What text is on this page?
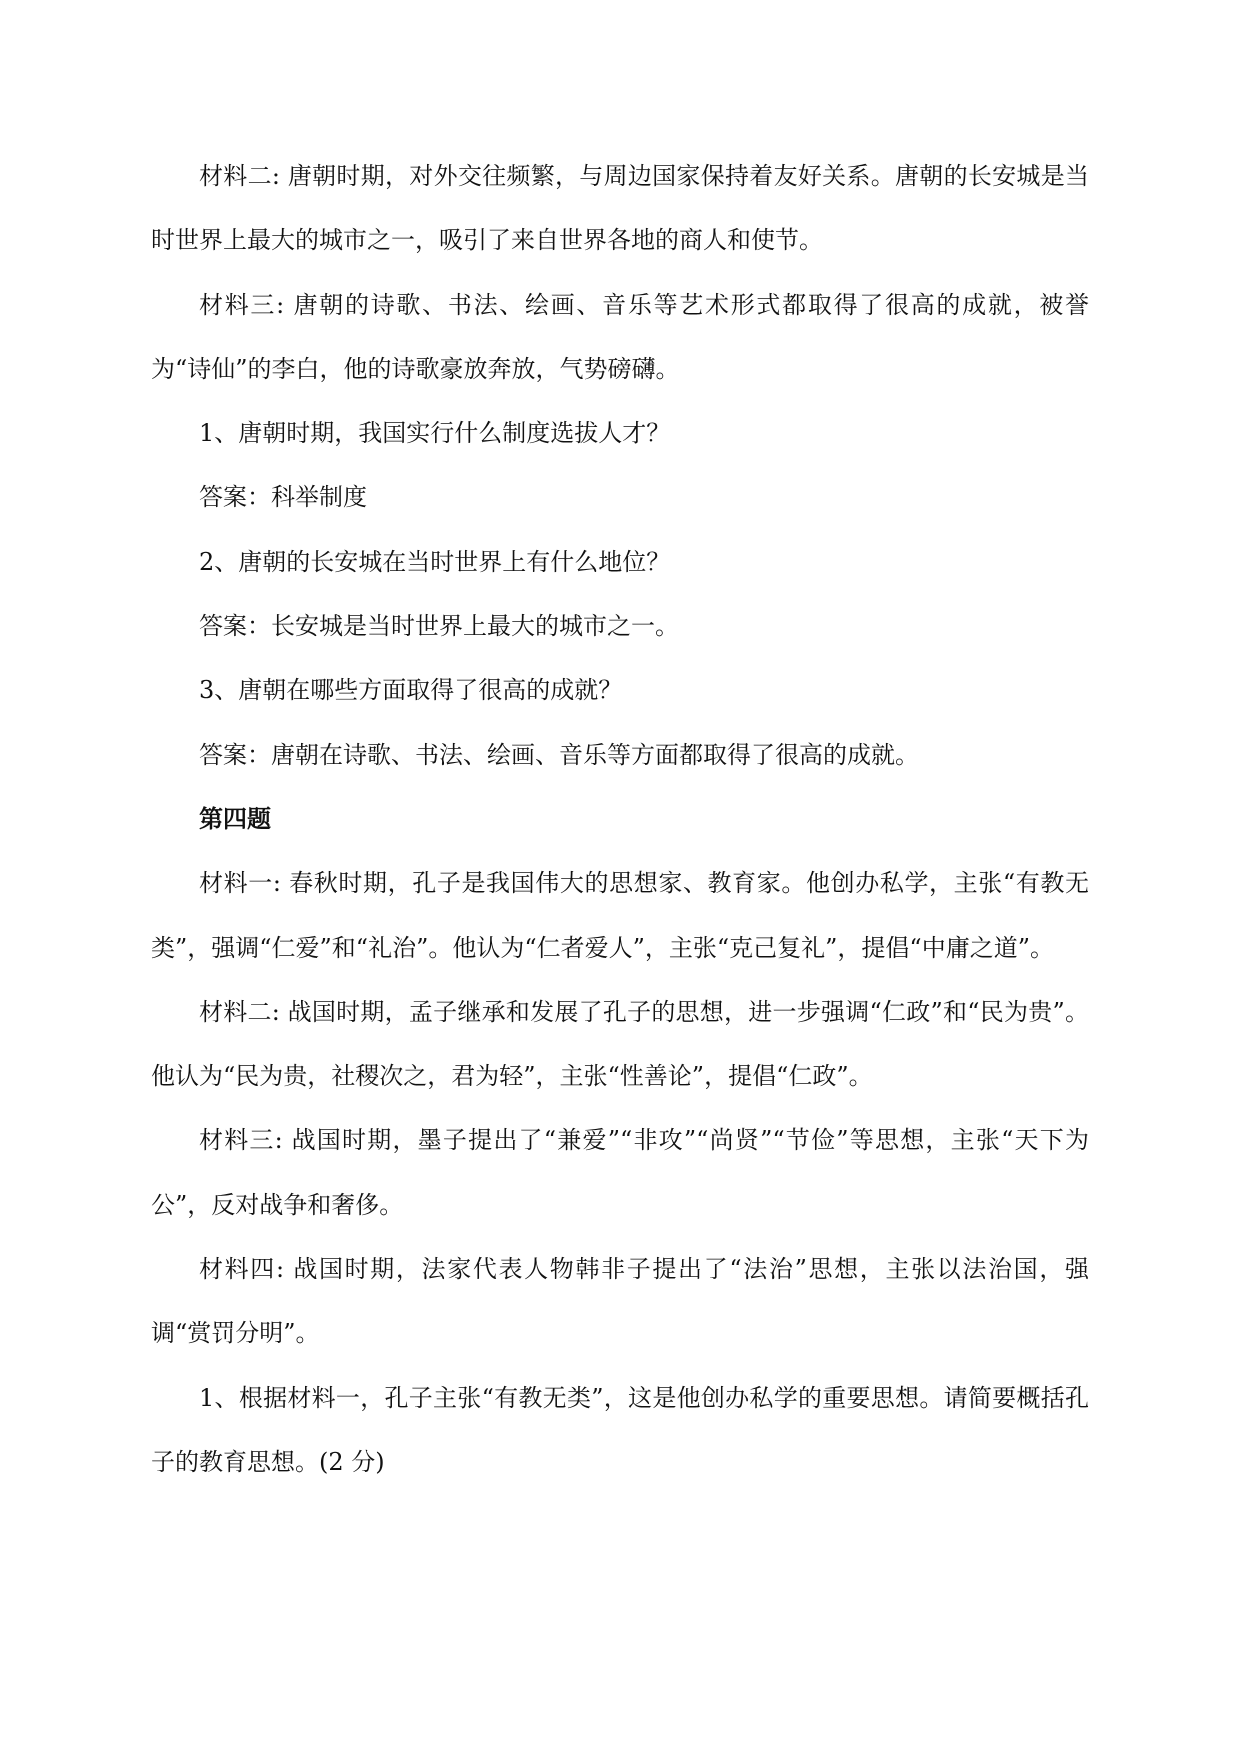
材料二: 唐朝时期，对外交往频繁，与周边国家保持着友好关系。唐朝的长安城是当时世界上最大的城市之一，吸引了来自世界各地的商人和使节。

材料三: 唐朝的诗歌、书法、绘画、音乐等艺术形式都取得了很高的成就，被誉为“诗仙”的李白，他的诗歌豪放奔放，气势磅礴。

1、唐朝时期，我国实行什么制度选拔人才？

答案：科举制度

2、唐朝的长安城在当时世界上有什么地位？

答案：长安城是当时世界上最大的城市之一。

3、唐朝在哪些方面取得了很高的成就？

答案：唐朝在诗歌、书法、绘画、音乐等方面都取得了很高的成就。

第四题

材料一: 春秋时期，孔子是我国伟大的思想家、教育家。他创办私学，主张“有教无类”，强调“仁爱”和“礼治”。他认为“仁者爱人”，主张“克己复礼”，提倡“中庸之道”。

材料二: 战国时期，孟子继承和发展了孔子的思想，进一步强调“仁政”和“民为贵”。他认为“民为贵，社稷次之，君为轻”，主张“性善论”，提倡“仁政”。

材料三: 战国时期，墨子提出了“兼爱”“非攻”“尚贤”“节俭”等思想，主张“天下为公”，反对战争和奢侈。

材料四: 战国时期，法家代表人物韩非子提出了“法治”思想，主张以法治国，强调“赏罚分明”。

1、根据材料一，孔子主张“有教无类”，这是他创办私学的重要思想。请简要概括孔子的教育思想。(2 分)
